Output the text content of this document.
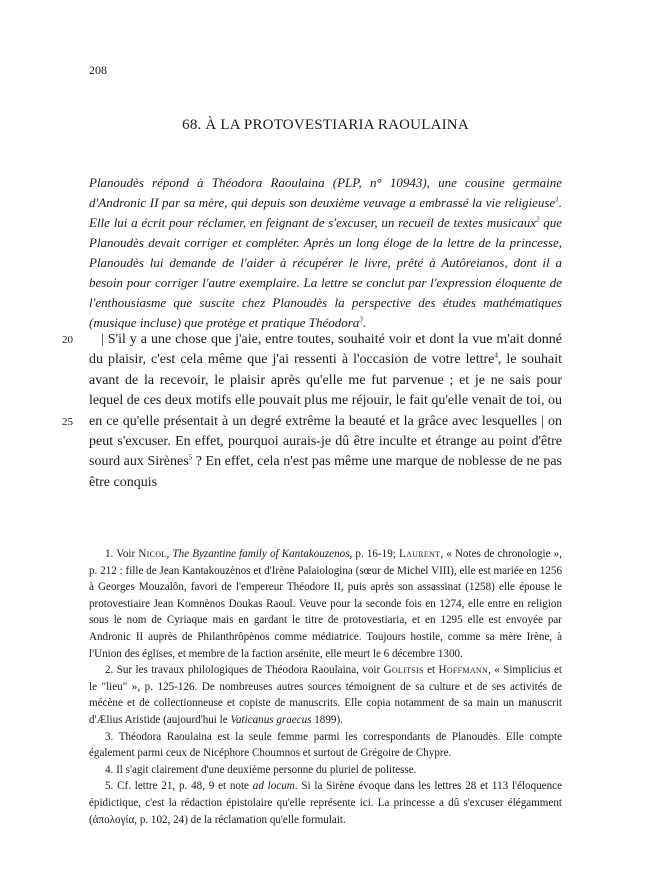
208
68. À LA PROTOVESTIARIA RAOULAINA

Planoudès répond à Théodora Raoulaina (PLP, n° 10943), une cousine germaine d'Andronic II par sa mère, qui depuis son deuxième veuvage a embrassé la vie religieuse$^1$. Elle lui a écrit pour réclamer, en feignant de s'excuser, un recueil de textes musicaux$^2$ que Planoudès devait corriger et compléter. Après un long éloge de la lettre de la princesse, Planoudès lui demande de l'aider à récupérer le livre, prêté à Autôreianos, dont il a besoin pour corriger l'autre exemplaire. La lettre se conclut par l'expression éloquente de l'enthousiasme que suscite chez Planoudès la perspective des études mathématiques (musique incluse) que protège et pratique Théodora$^3$.

20
25

| S'il y a une chose que j'aie, entre toutes, souhaité voir et dont la vue m'ait donné du plaisir, c'est cela même que j'ai ressenti à l'occasion de votre lettre$^4$, le souhait avant de la recevoir, le plaisir après qu'elle me fut parvenue ; et je ne sais pour lequel de ces deux motifs elle pouvait plus me réjouir, le fait qu'elle venait de toi, ou en ce qu'elle présentait à un degré extrême la beauté et la grâce avec lesquelles | on peut s'excuser. En effet, pourquoi aurais-je dû être inculte et étrange au point d'être sourd aux Sirènes$^5$ ? En effet, cela n'est pas même une marque de noblesse de ne pas être conquis

1. Voir Nicol, The Byzantine family of Kantakouzenos, p. 16-19; Laurent, « Notes de chronologie », p. 212 : fille de Jean Kantakouzènos et d'Irène Palaiologina (sœur de Michel VIII), elle est mariée en 1256 à Georges Mouzalôn, favori de l'empereur Théodore II, puis après son assassinat (1258) elle épouse le protovestiaire Jean Komnènos Doukas Raoul. Veuve pour la seconde fois en 1274, elle entre en religion sous le nom de Cyriaque mais en gardant le titre de protovestiaria, et en 1295 elle est envoyée par Andronic II auprès de Philanthrôpènos comme médiatrice. Toujours hostile, comme sa mère Irène, à l'Union des églises, et membre de la faction arsénite, elle meurt le 6 décembre 1300.

2. Sur les travaux philologiques de Théodora Raoulaina, voir Golitsis et Hoffmann, « Simplicius et le "lieu" », p. 125-126. De nombreuses autres sources témoignent de sa culture et de ses activités de mécène et de collectionneuse et copiste de manuscrits. Elle copia notamment de sa main un manuscrit d'Ælius Aristide (aujourd'hui le Vaticanus graecus 1899).

3. Théodora Raoulaina est la seule femme parmi les correspondants de Planoudès. Elle compte également parmi ceux de Nicéphore Choumnos et surtout de Grégoire de Chypre.

4. Il s'agit clairement d'une deuxième personne du pluriel de politesse.

5. Cf. lettre 21, p. 48, 9 et note ad locum. Si la Sirène évoque dans les lettres 28 et 113 l'éloquence épidictique, c'est la rédaction épistolaire qu'elle représente ici. La princesse a dû s'excuser élégamment (ἀπολογία, p. 102, 24) de la réclamation qu'elle formulait.
